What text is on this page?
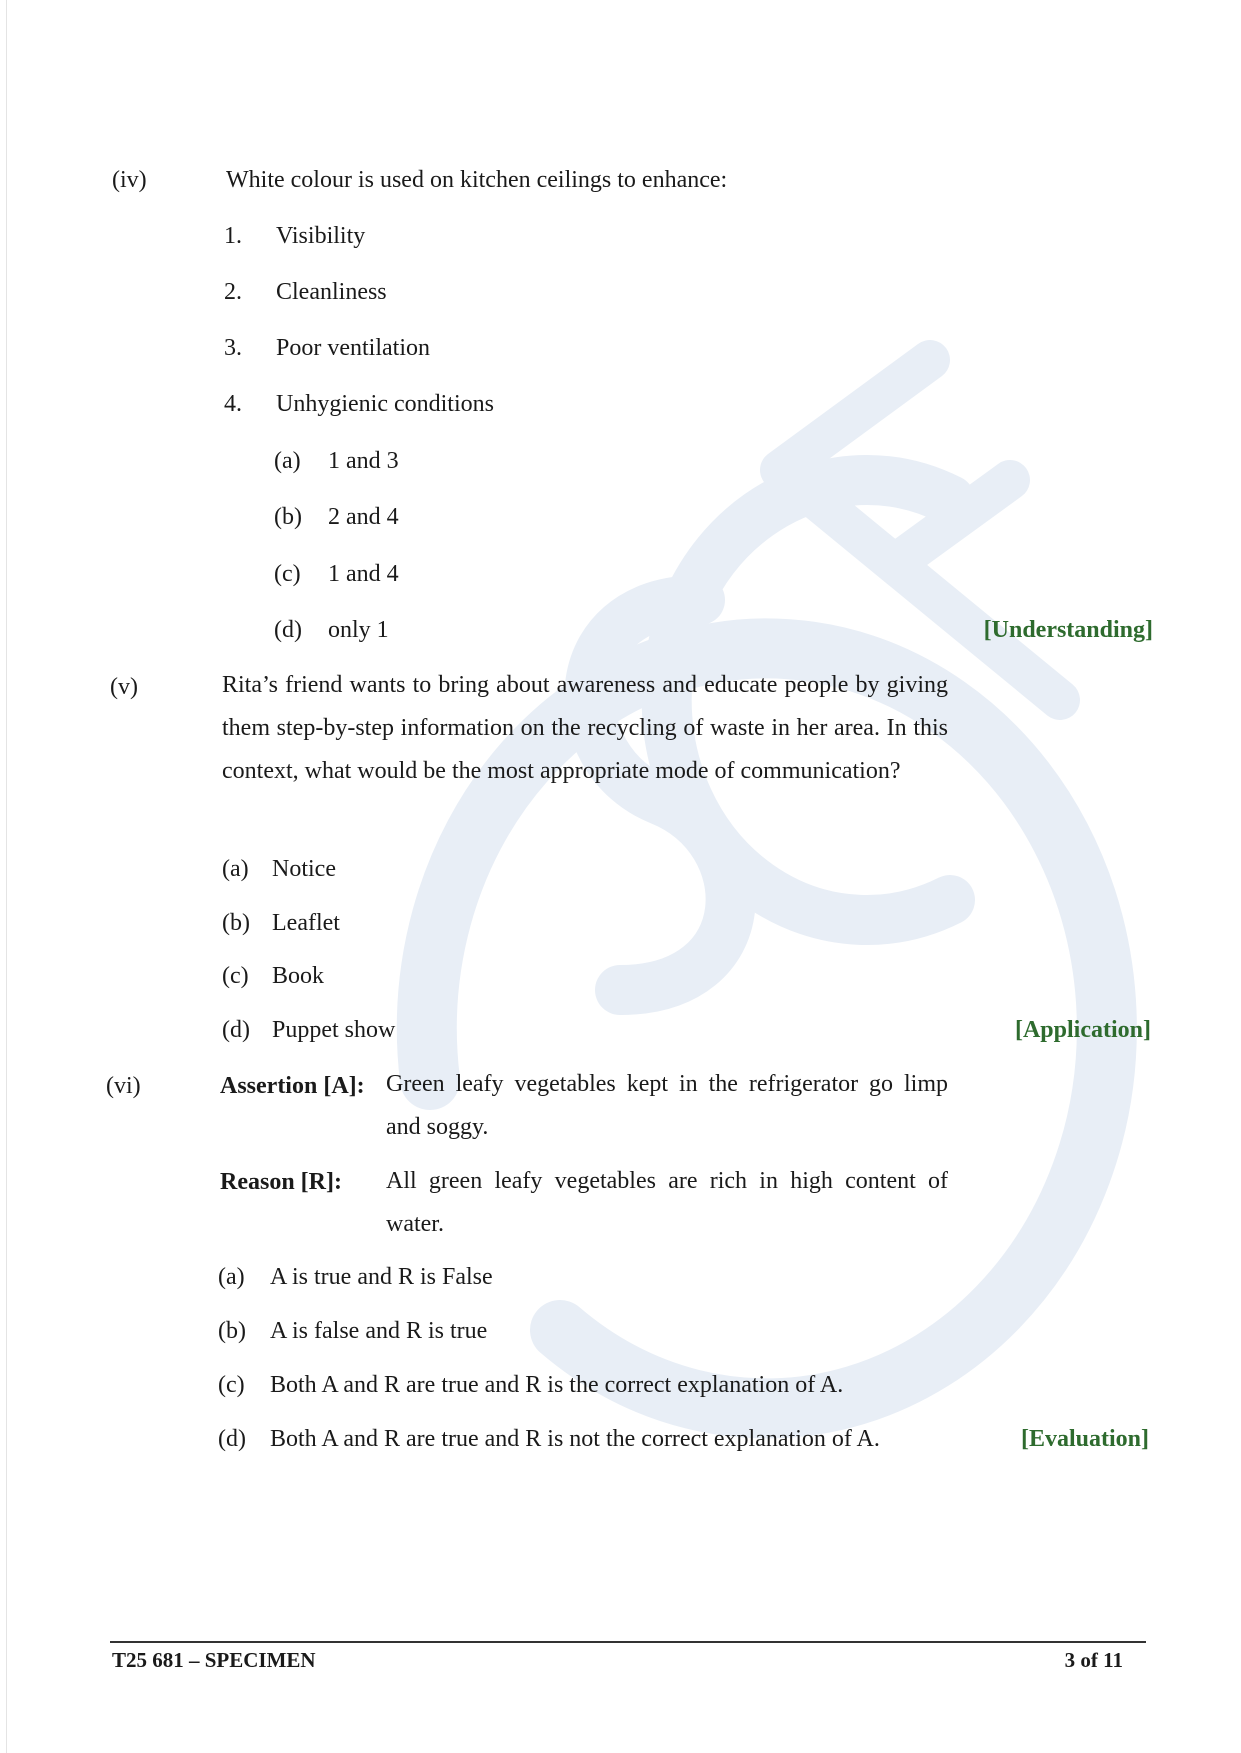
(iv)	White colour is used on kitchen ceilings to enhance:
1. Visibility
2. Cleanliness
3. Poor ventilation
4. Unhygienic conditions
(a) 1 and 3
(b) 2 and 4
(c) 1 and 4
(d) only 1	[Understanding]
(v)	Rita’s friend wants to bring about awareness and educate people by giving them step-by-step information on the recycling of waste in her area. In this context, what would be the most appropriate mode of communication?
(a) Notice
(b) Leaflet
(c) Book
(d) Puppet show	[Application]
(vi)	Assertion [A]: Green leafy vegetables kept in the refrigerator go limp and soggy.
Reason [R]: All green leafy vegetables are rich in high content of water.
(a) A is true and R is False
(b) A is false and R is true
(c) Both A and R are true and R is the correct explanation of A.
(d) Both A and R are true and R is not the correct explanation of A.	[Evaluation]
T25 681 – SPECIMEN	3 of 11
